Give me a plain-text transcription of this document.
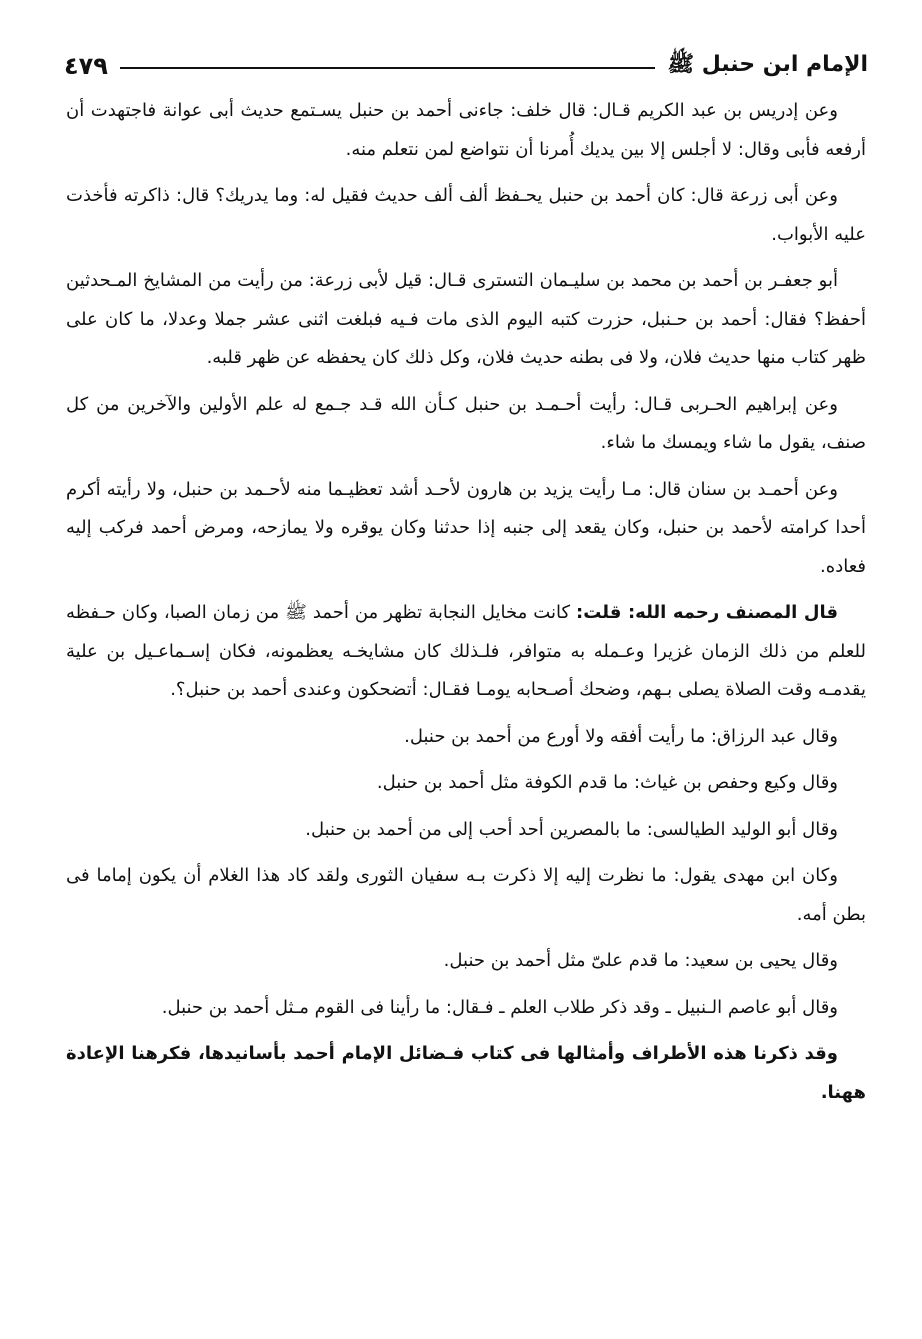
الإمام ابن حنبل ﷺ
٤٧٩

وعن إدريس بن عبد الكريم قـال: قال خلف: جاءنى أحمد بن حنبل يسـتمع حديث أبى عوانة فاجتهدت أن أرفعه فأبى وقال: لا أجلس إلا بين يديك أُمرنا أن نتواضع لمن نتعلم منه.

وعن أبى زرعة قال: كان أحمد بن حنبل يحـفظ ألف ألف حديث فقيل له: وما يدريك؟ قال: ذاكرته فأخذت عليه الأبواب.

أبو جعفـر بن أحمد بن محمد بن سليـمان التسترى قـال: قيل لأبى زرعة: من رأيت من المشايخ المـحدثين أحفظ؟ فقال: أحمد بن حـنبل، حزرت كتبه اليوم الذى مات فـيه فبلغت اثنى عشر جملا وعدلا، ما كان على ظهر كتاب منها حديث فلان، ولا فى بطنه حديث فلان، وكل ذلك كان يحفظه عن ظهر قلبه.

وعن إبراهيم الحـربى قـال: رأيت أحـمـد بن حنبل كـأن الله قـد جـمع له علم الأولين والآخرين من كل صنف، يقول ما شاء ويمسك ما شاء.

وعن أحمـد بن سنان قال: مـا رأيت يزيد بن هارون لأحـد أشد تعظيـما منه لأحـمد بن حنبل، ولا رأيته أكرم أحدا كرامته لأحمد بن حنبل، وكان يقعد إلى جنبه إذا حدثنا وكان يوقره ولا يمازحه، ومرض أحمد فركب إليه فعاده.

قال المصنف رحمه الله: قلت: كانت مخايل النجابة تظهر من أحمد ﷺ من زمان الصبا، وكان حـفظه للعلم من ذلك الزمان غزيرا وعـمله به متوافر، فلـذلك كان مشايخـه يعظمونه، فكان إسـماعـيل بن علية يقدمـه وقت الصلاة يصلى بـهم، وضحك أصـحابه يومـا فقـال: أتضحكون وعندى أحمد بن حنبل؟.

وقال عبد الرزاق: ما رأيت أفقه ولا أورع من أحمد بن حنبل.

وقال وكيع وحفص بن غياث: ما قدم الكوفة مثل أحمد بن حنبل.

وقال أبو الوليد الطيالسى: ما بالمصرين أحد أحب إلى من أحمد بن حنبل.

وكان ابن مهدى يقول: ما نظرت إليه إلا ذكرت بـه سفيان الثورى ولقد كاد هذا الغلام أن يكون إماما فى بطن أمه.

وقال يحيى بن سعيد: ما قدم علىّ مثل أحمد بن حنبل.

وقال أبو عاصم الـنبيل ـ وقد ذكر طلاب العلم ـ فـقال: ما رأينا فى القوم مـثل أحمد بن حنبل.

وقد ذكرنا هذه الأطراف وأمثالها فى كتاب فـضائل الإمام أحمد بأسانيدها، فكرهنا الإعادة ههنا.
